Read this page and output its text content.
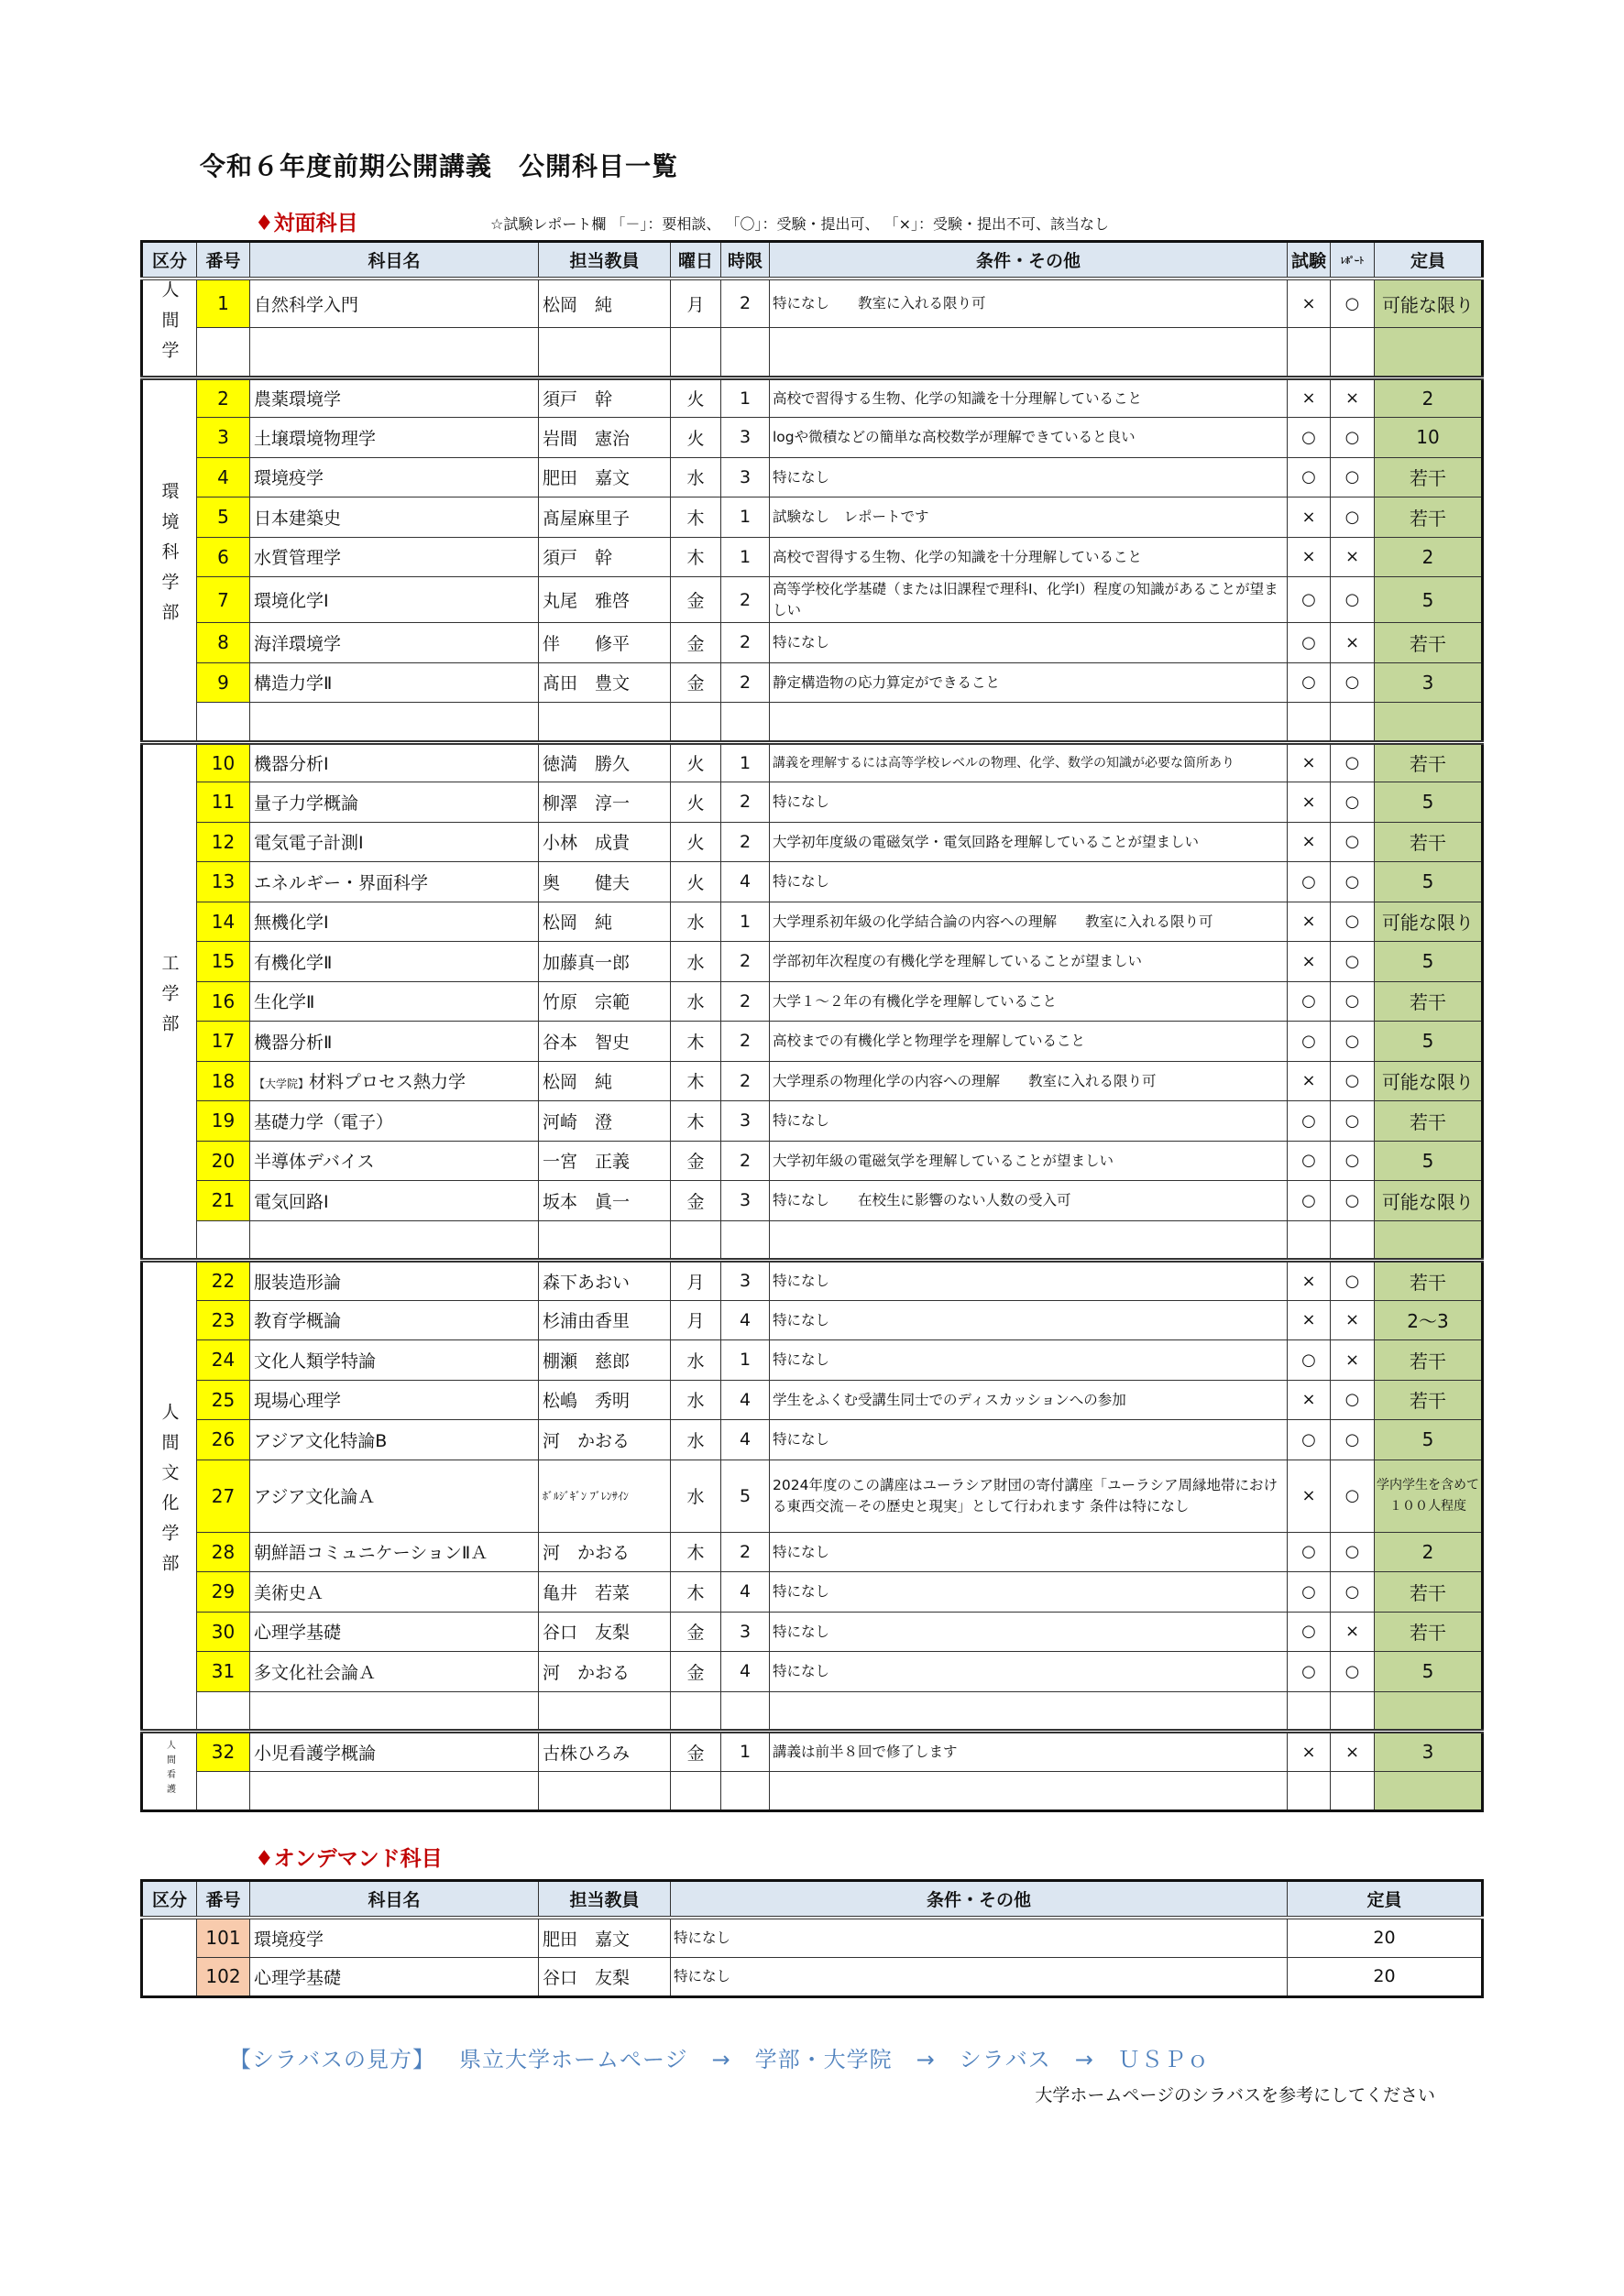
令和６年度前期公開講義　公開科目一覧
♦対面科目	☆試験レポート欄 「－」：要相談、 「〇」：受験・提出可、 「×」：受験・提出不可、該当なし
区分	番号	科目名	担当教員	曜日	時限	条件・その他	試験	ﾚﾎﾟｰﾄ	定員
人間学	1	自然科学入門	松岡　純	月	2	特になし　　教室に入れる限り可	×	○	可能な限り

環境科学部	2	農薬環境学	須戸　幹	火	1	高校で習得する生物、化学の知識を十分理解していること	×	×	2
	3	土壌環境物理学	岩間　憲治	火	3	logや微積などの簡単な高校数学が理解できていると良い	○	○	10
	4	環境疫学	肥田　嘉文	水	3	特になし	○	○	若干
	5	日本建築史	髙屋麻里子	木	1	試験なし　レポートです	×	○	若干
	6	水質管理学	須戸　幹	木	1	高校で習得する生物、化学の知識を十分理解していること	×	×	2
	7	環境化学Ⅰ	丸尾　雅啓	金	2	高等学校化学基礎（または旧課程で理科Ⅰ、化学Ⅰ）程度の知識があることが望ましい	○	○	5
	8	海洋環境学	伴　　修平	金	2	特になし	○	×	若干
	9	構造力学Ⅱ	髙田　豊文	金	2	静定構造物の応力算定ができること	○	○	3

工学部	10	機器分析Ⅰ	徳満　勝久	火	1	講義を理解するには高等学校レベルの物理、化学、数学の知識が必要な箇所あり	×	○	若干
	11	量子力学概論	柳澤　淳一	火	2	特になし	×	○	5
	12	電気電子計測Ⅰ	小林　成貴	火	2	大学初年度級の電磁気学・電気回路を理解していることが望ましい	×	○	若干
	13	エネルギー・界面科学	奥　　健夫	火	4	特になし	○	○	5
	14	無機化学Ⅰ	松岡　純	水	1	大学理系初年級の化学結合論の内容への理解　　教室に入れる限り可	×	○	可能な限り
	15	有機化学Ⅱ	加藤真一郎	水	2	学部初年次程度の有機化学を理解していることが望ましい	×	○	5
	16	生化学Ⅱ	竹原　宗範	水	2	大学１～２年の有機化学を理解していること	○	○	若干
	17	機器分析Ⅱ	谷本　智史	木	2	高校までの有機化学と物理学を理解していること	○	○	5
	18	【大学院】材料プロセス熱力学	松岡　純	木	2	大学理系の物理化学の内容への理解　　教室に入れる限り可	×	○	可能な限り
	19	基礎力学（電子）	河崎　澄	木	3	特になし	○	○	若干
	20	半導体デバイス	一宮　正義	金	2	大学初年級の電磁気学を理解していることが望ましい	○	○	5
	21	電気回路Ⅰ	坂本　眞一	金	3	特になし　　在校生に影響のない人数の受入可	○	○	可能な限り

人間文化学部	22	服装造形論	森下あおい	月	3	特になし	×	○	若干
	23	教育学概論	杉浦由香里	月	4	特になし	×	×	2～3
	24	文化人類学特論	棚瀬　慈郎	水	1	特になし	○	×	若干
	25	現場心理学	松嶋　秀明	水	4	学生をふくむ受講生同士でのディスカッションへの参加	×	○	若干
	26	アジア文化特論B	河　かおる	水	4	特になし	○	○	5
	27	アジア文化論Ａ	ﾎﾞﾙｼﾞｷﾞﾝ ﾌﾞﾚﾝｻｲﾝ	水	5	2024年度のこの講座はユーラシア財団の寄付講座「ユーラシア周縁地帯における東西交流－その歴史と現実」として行われます 条件は特になし	×	○	学内学生を含めて１００人程度
	28	朝鮮語コミュニケーションⅡＡ	河　かおる	木	2	特になし	○	○	2
	29	美術史Ａ	亀井　若菜	木	4	特になし	○	○	若干
	30	心理学基礎	谷口　友梨	金	3	特になし	○	×	若干
	31	多文化社会論Ａ	河　かおる	金	4	特になし	○	○	5

人間看護	32	小児看護学概論	古株ひろみ	金	1	講義は前半８回で修了します	×	×	3

♦オンデマンド科目
区分	番号	科目名	担当教員	条件・その他	定員
	101	環境疫学	肥田　嘉文	特になし	20
	102	心理学基礎	谷口　友梨	特になし	20
【シラバスの見方】 県立大学ホームページ → 学部・大学院 → シラバス → ＵＳＰｏ
大学ホームページのシラバスを参考にしてください
